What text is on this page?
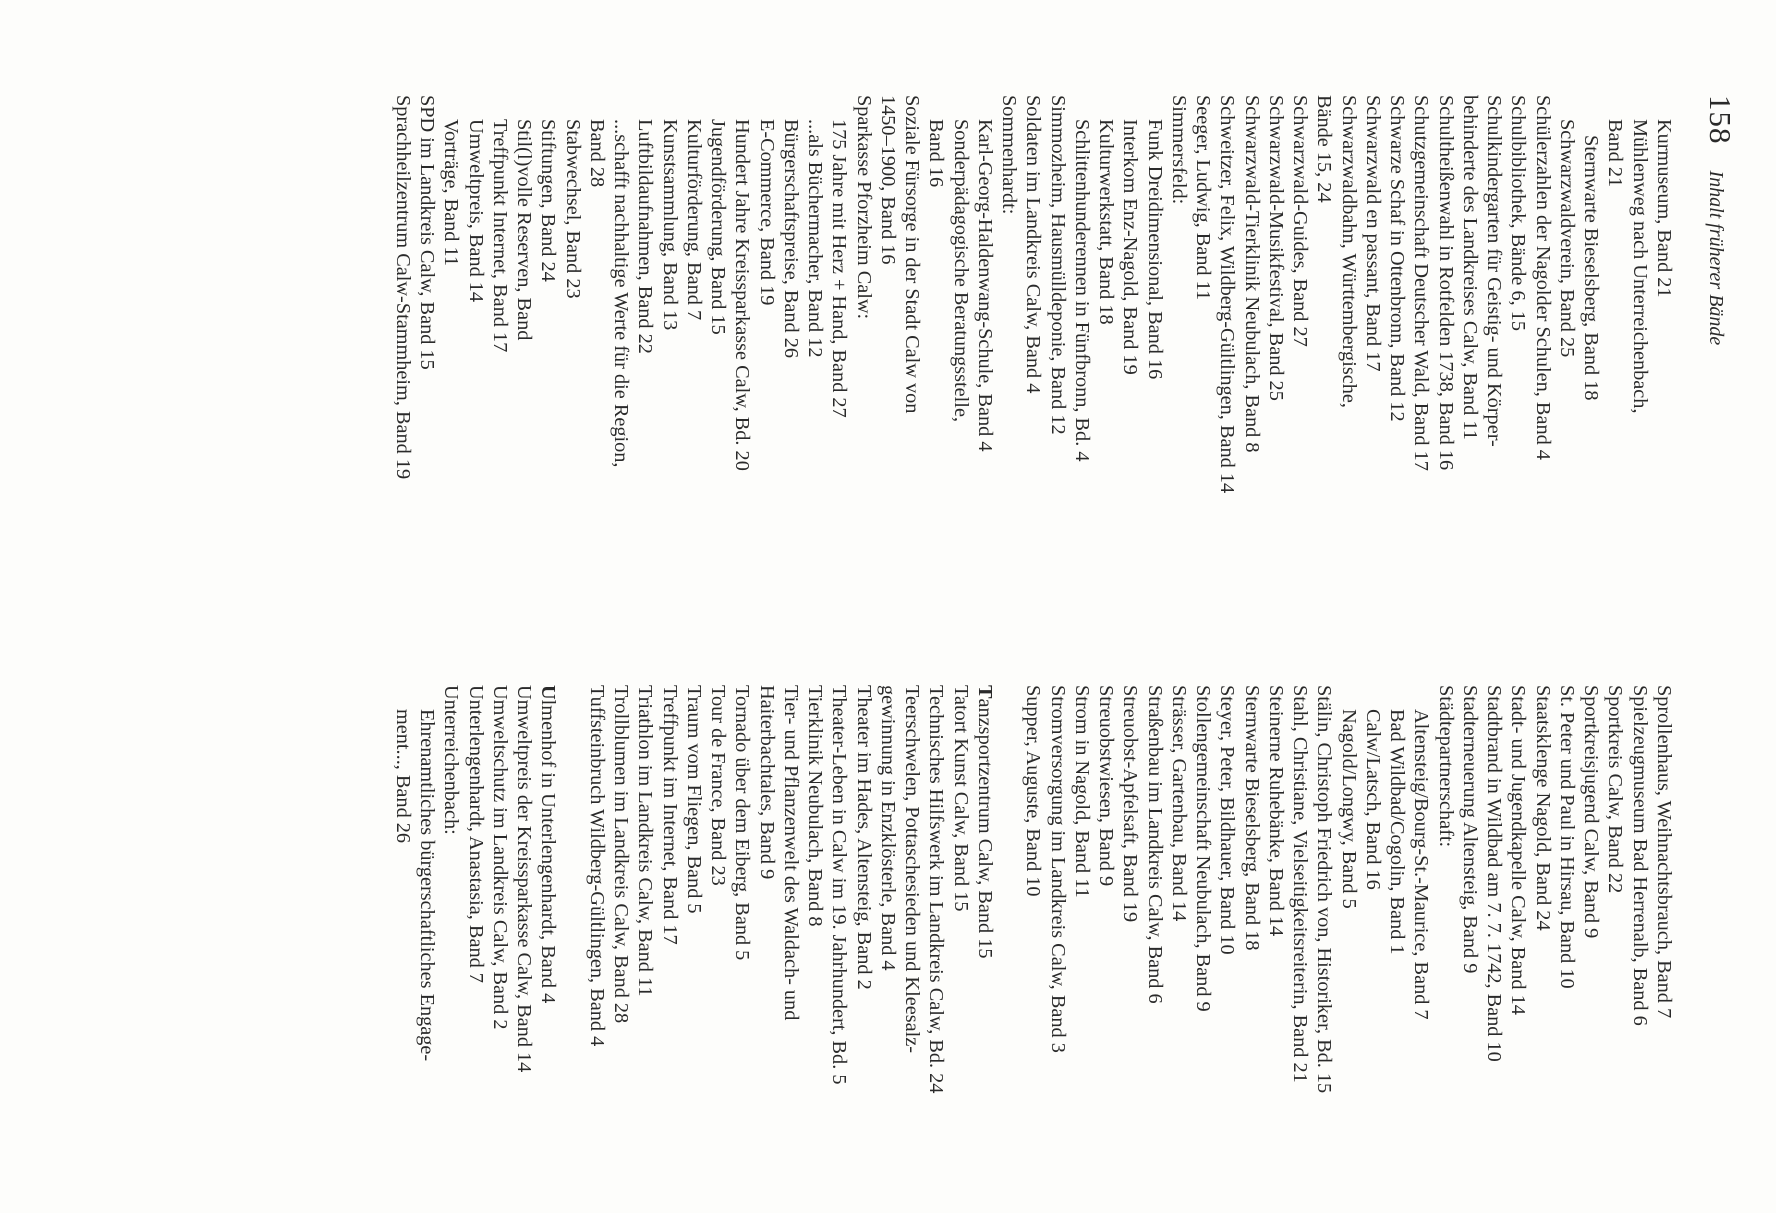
158 Inhalt früherer Bände
Kurmuseum, Band 21
Mühlenweg nach Unterreichenbach,
Band 21
Sternwarte Bieselsberg, Band 18
Schwarzwaldverein, Band 25
Schülerzahlen der Nagolder Schulen, Band 4
Schulbibliothek, Bände 6, 15
Schulkindergarten für Geistig- und Körper-
behinderte des Landkreises Calw, Band 11
Schultheißenwahl in Rotfelden 1738, Band 16
Schutzgemeinschaft Deutscher Wald, Band 17
Schwarze Schaf in Ottenbronn, Band 12
Schwarzwald en passant, Band 17
Schwarzwaldbahn, Württembergische,
Bände 15, 24
Schwarzwald-Guides, Band 27
Schwarzwald-Musikfestival, Band 25
Schwarzwald-Tierklinik Neubulach, Band 8
Schweitzer, Felix, Wildberg-Gültlingen, Band 14
Seeger, Ludwig, Band 11
Simmersfeld:
Funk Dreidimensional, Band 16
Interkom Enz-Nagold, Band 19
Kulturwerkstatt, Band 18
Schlittenhunderennen in Fünfbronn, Bd. 4
Simmozheim, Hausmülldeponie, Band 12
Soldaten im Landkreis Calw, Band 4
Sommenhardt:
Karl-Georg-Haldenwang-Schule, Band 4
Sonderpädagogische Beratungsstelle,
Band 16
Soziale Fürsorge in der Stadt Calw von
1450–1900, Band 16
Sparkasse Pforzheim Calw:
175 Jahre mit Herz + Hand, Band 27
...als Büchermacher, Band 12
Bürgerschaftspreise, Band 26
E-Commerce, Band 19
Hundert Jahre Kreissparkasse Calw, Bd. 20
Jugendförderung, Band 15
Kulturförderung, Band 7
Kunstsammlung, Band 13
Luftbildaufnahmen, Band 22
...schafft nachhaltige Werte für die Region,
Band 28
Stabwechsel, Band 23
Stiftungen, Band 24
Stil(l)volle Reserven, Band
Treffpunkt Internet, Band 17
Umweltpreis, Band 14
Vorträge, Band 11
SPD im Landkreis Calw, Band 15
Sprachheilzentrum Calw-Stammheim, Band 19
Sprollenhaus, Weihnachtsbrauch, Band 7
Spielzeugmuseum Bad Herrenalb, Band 6
Sportkreis Calw, Band 22
Sportkreisjugend Calw, Band 9
St. Peter und Paul in Hirsau, Band 10
Staatsklenge Nagold, Band 24
Stadt- und Jugendkapelle Calw, Band 14
Stadtbrand in Wildbad am 7. 7. 1742, Band 10
Stadterneuerung Altensteig, Band 9
Städtepartnerschaft:
Altensteig/Bourg-St.-Maurice, Band 7
Bad Wildbad/Cogolin, Band 1
Calw/Latsch, Band 16
Nagold/Longwy, Band 5
Stälin, Christoph Friedrich von, Historiker, Bd. 15
Stahl, Christiane, Vielseitigkeitsreiterin, Band 21
Steinerne Ruhebänke, Band 14
Sternwarte Bieselsberg, Band 18
Steyer, Peter, Bildhauer, Band 10
Stollengemeinschaft Neubulach, Band 9
Strässer, Gartenbau, Band 14
Straßenbau im Landkreis Calw, Band 6
Streuobst-Apfelsaft, Band 19
Streuobstwiesen, Band 9
Strom in Nagold, Band 11
Stromversorgung im Landkreis Calw, Band 3
Supper, Auguste, Band 10

Tanzsportzentrum Calw, Band 15
Tatort Kunst Calw, Band 15
Technisches Hilfswerk im Landkreis Calw, Bd. 24
Teerschwelen, Pottaschesieden und Kleesalz-
gewinnung in Enzklösterle, Band 4
Theater im Hades, Altensteig, Band 2
Theater-Leben in Calw im 19. Jahrhundert, Bd. 5
Tierklinik Neubulach, Band 8
Tier- und Pflanzenwelt des Waldach- und
Haiterbachtales, Band 9
Tornado über dem Eiberg, Band 5
Tour de France, Band 23
Traum vom Fliegen, Band 5
Treffpunkt im Internet, Band 17
Triathlon im Landkreis Calw, Band 11
Trollblumen im Landkreis Calw, Band 28
Tuffsteinbruch Wildberg-Gültlingen, Band 4

Ulmenhof in Unterlengenhardt, Band 4
Umweltpreis der Kreissparkasse Calw, Band 14
Umweltschutz im Landkreis Calw, Band 2
Unterlengenhardt, Anastasia, Band 7
Unterreichenbach:
Ehrenamtliches bürgerschaftliches Engage-
ment..., Band 26
